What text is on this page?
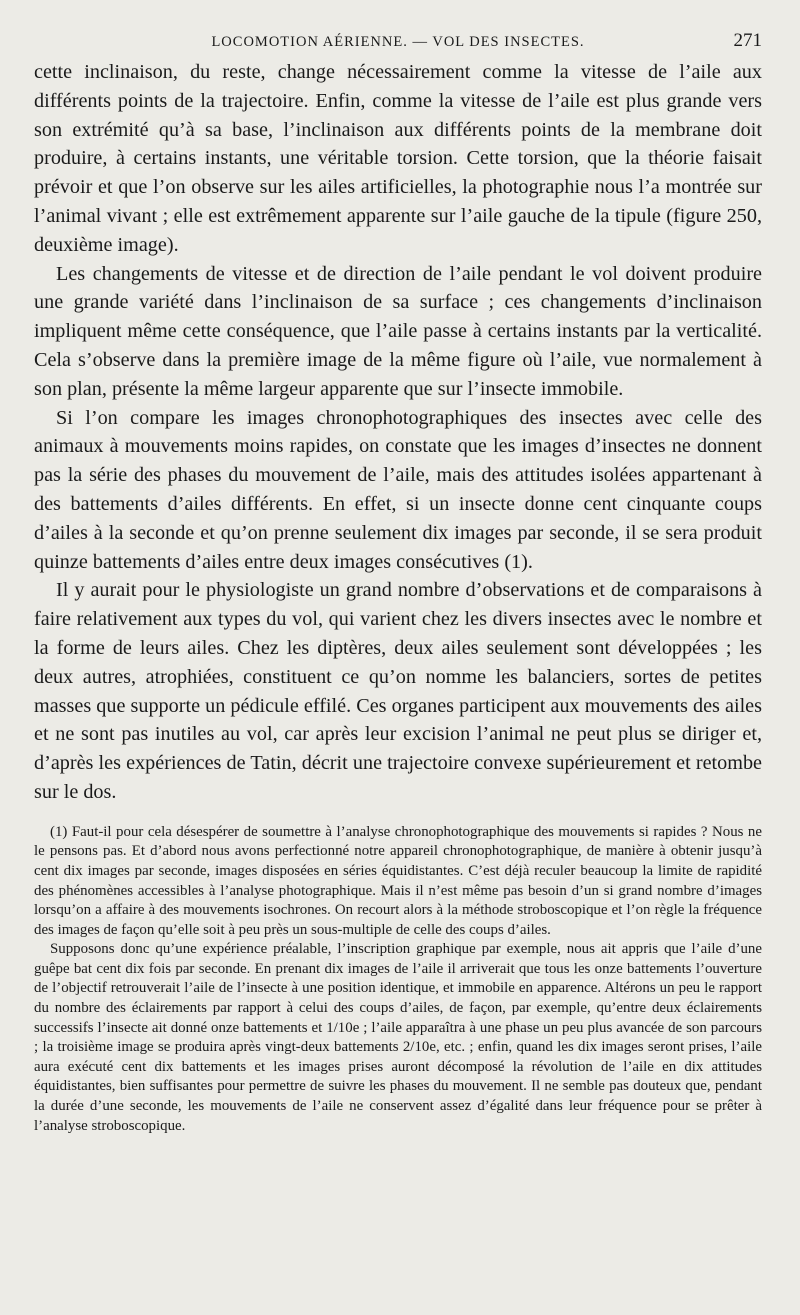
LOCOMOTION AÉRIENNE. — VOL DES INSECTES.	271

cette inclinaison, du reste, change nécessairement comme la vitesse de l’aile aux différents points de la trajectoire. Enfin, comme la vitesse de l’aile est plus grande vers son extrémité qu’à sa base, l’inclinaison aux différents points de la membrane doit produire, à certains instants, une véritable torsion. Cette torsion, que la théorie faisait prévoir et que l’on observe sur les ailes artificielles, la photographie nous l’a montrée sur l’animal vivant ; elle est extrêmement apparente sur l’aile gauche de la tipule (figure 250, deuxième image).

Les changements de vitesse et de direction de l’aile pendant le vol doivent produire une grande variété dans l’inclinaison de sa surface ; ces changements d’inclinaison impliquent même cette conséquence, que l’aile passe à certains instants par la verticalité. Cela s’observe dans la première image de la même figure où l’aile, vue normalement à son plan, présente la même largeur apparente que sur l’insecte immobile.

Si l’on compare les images chronophotographiques des insectes avec celle des animaux à mouvements moins rapides, on constate que les images d’insectes ne donnent pas la série des phases du mouvement de l’aile, mais des attitudes isolées appartenant à des battements d’ailes différents. En effet, si un insecte donne cent cinquante coups d’ailes à la seconde et qu’on prenne seulement dix images par seconde, il se sera produit quinze battements d’ailes entre deux images consécutives (1).

Il y aurait pour le physiologiste un grand nombre d’observations et de comparaisons à faire relativement aux types du vol, qui varient chez les divers insectes avec le nombre et la forme de leurs ailes. Chez les diptères, deux ailes seulement sont développées ; les deux autres, atrophiées, constituent ce qu’on nomme les balanciers, sortes de petites masses que supporte un pédicule effilé. Ces organes participent aux mouvements des ailes et ne sont pas inutiles au vol, car après leur excision l’animal ne peut plus se diriger et, d’après les expériences de Tatin, décrit une trajectoire convexe supérieurement et retombe sur le dos.

(1) Faut-il pour cela désespérer de soumettre à l’analyse chronophotographique des mouvements si rapides ? Nous ne le pensons pas. Et d’abord nous avons perfectionné notre appareil chronophotographique, de manière à obtenir jusqu’à cent dix images par seconde, images disposées en séries équidistantes. C’est déjà reculer beaucoup la limite de rapidité des phénomènes accessibles à l’analyse photographique. Mais il n’est même pas besoin d’un si grand nombre d’images lorsqu’on a affaire à des mouvements isochrones. On recourt alors à la méthode stroboscopique et l’on règle la fréquence des images de façon qu’elle soit à peu près un sous-multiple de celle des coups d’ailes.

Supposons donc qu’une expérience préalable, l’inscription graphique par exemple, nous ait appris que l’aile d’une guêpe bat cent dix fois par seconde. En prenant dix images de l’aile il arriverait que tous les onze battements l’ouverture de l’objectif retrouverait l’aile de l’insecte à une position identique, et immobile en apparence. Altérons un peu le rapport du nombre des éclairements par rapport à celui des coups d’ailes, de façon, par exemple, qu’entre deux éclairements successifs l’insecte ait donné onze battements et 1/10e ; l’aile apparaîtra à une phase un peu plus avancée de son parcours ; la troisième image se produira après vingt-deux battements 2/10e, etc. ; enfin, quand les dix images seront prises, l’aile aura exécuté cent dix battements et les images prises auront décomposé la révolution de l’aile en dix attitudes équidistantes, bien suffisantes pour permettre de suivre les phases du mouvement. Il ne semble pas douteux que, pendant la durée d’une seconde, les mouvements de l’aile ne conservent assez d’égalité dans leur fréquence pour se prêter à l’analyse stroboscopique.
